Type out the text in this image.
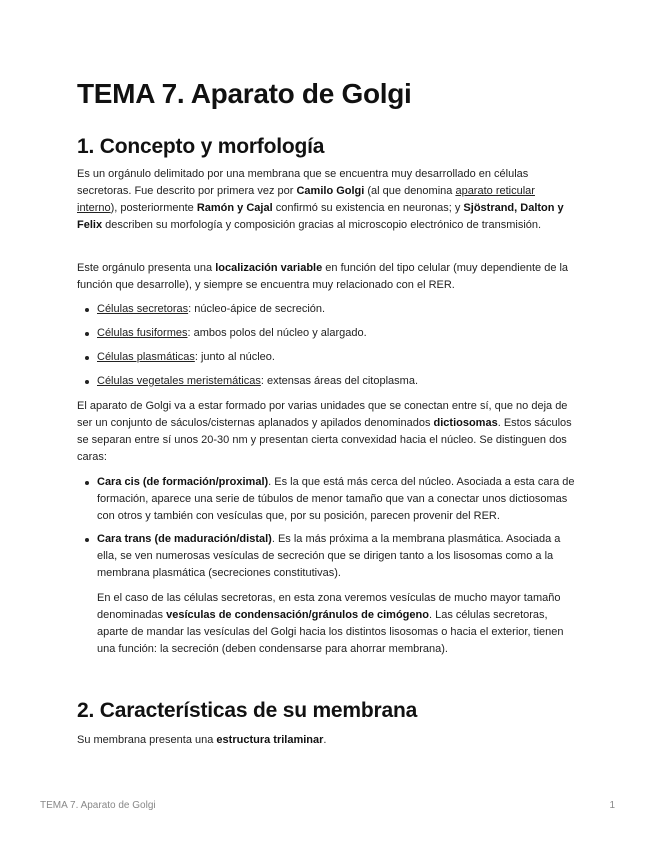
TEMA 7. Aparato de Golgi
1. Concepto y morfología

Es un orgánulo delimitado por una membrana que se encuentra muy desarrollado en células secretoras. Fue descrito por primera vez por Camilo Golgi (al que denomina aparato reticular interno), posteriormente Ramón y Cajal confirmó su existencia en neuronas; y Sjöstrand, Dalton y Felix describen su morfología y composición gracias al microscopio electrónico de transmisión.

Este orgánulo presenta una localización variable en función del tipo celular (muy dependiente de la función que desarrolle), y siempre se encuentra muy relacionado con el RER.

Células secretoras: núcleo-ápice de secreción.
Células fusiformes: ambos polos del núcleo y alargado.
Células plasmáticas: junto al núcleo.
Células vegetales meristemáticas: extensas áreas del citoplasma.

El aparato de Golgi va a estar formado por varias unidades que se conectan entre sí, que no deja de ser un conjunto de sáculos/cisternas aplanados y apilados denominados dictiosomas. Estos sáculos se separan entre sí unos 20-30 nm y presentan cierta convexidad hacia el núcleo. Se distinguen dos caras:

Cara cis (de formación/proximal). Es la que está más cerca del núcleo. Asociada a esta cara de formación, aparece una serie de túbulos de menor tamaño que van a conectar unos dictiosomas con otros y también con vesículas que, por su posición, parecen provenir del RER.
Cara trans (de maduración/distal). Es la más próxima a la membrana plasmática. Asociada a ella, se ven numerosas vesículas de secreción que se dirigen tanto a los lisosomas como a la membrana plasmática (secreciones constitutivas).
En el caso de las células secretoras, en esta zona veremos vesículas de mucho mayor tamaño denominadas vesículas de condensación/gránulos de cimógeno. Las células secretoras, aparte de mandar las vesículas del Golgi hacia los distintos lisosomas o hacia el exterior, tienen una función: la secreción (deben condensarse para ahorrar membrana).
2. Características de su membrana

Su membrana presenta una estructura trilaminar.

TEMA 7. Aparato de Golgi	1
